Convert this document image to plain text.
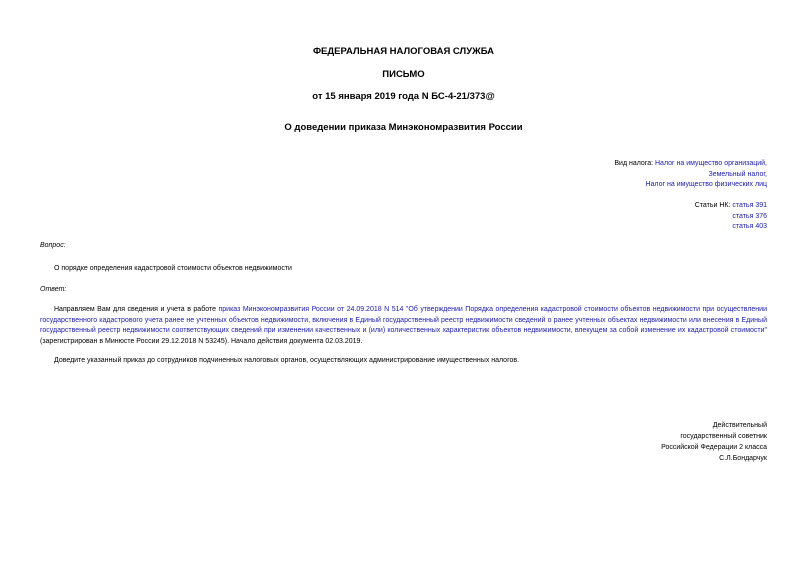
ФЕДЕРАЛЬНАЯ НАЛОГОВАЯ СЛУЖБА
ПИСЬМО
от 15 января 2019 года N БС-4-21/373@
О доведении приказа Минэкономразвития России
Вид налога: Налог на имущество организаций,
Земельный налог,
Налог на имущество физических лиц
Статьи НК: статья 391
статья 376
статья 403
Вопрос:
О порядке определения кадастровой стоимости объектов недвижимости
Ответ:
Направляем Вам для сведения и учета в работе приказ Минэкономразвития России от 24.09.2018 N 514 "Об утверждении Порядка определения кадастровой стоимости объектов недвижимости при осуществлении государственного кадастрового учета ранее не учтенных объектов недвижимости, включения в Единый государственный реестр недвижимости сведений о ранее учтенных объектах недвижимости или внесения в Единый государственный реестр недвижимости соответствующих сведений при изменении качественных и (или) количественных характеристик объектов недвижимости, влекущем за собой изменение их кадастровой стоимости" (зарегистрирован в Минюсте России 29.12.2018 N 53245). Начало действия документа 02.03.2019.
Доведите указанный приказ до сотрудников подчиненных налоговых органов, осуществляющих администрирование имущественных налогов.
Действительный
государственный советник
Российской Федерации 2 класса
С.Л.Бондарчук
